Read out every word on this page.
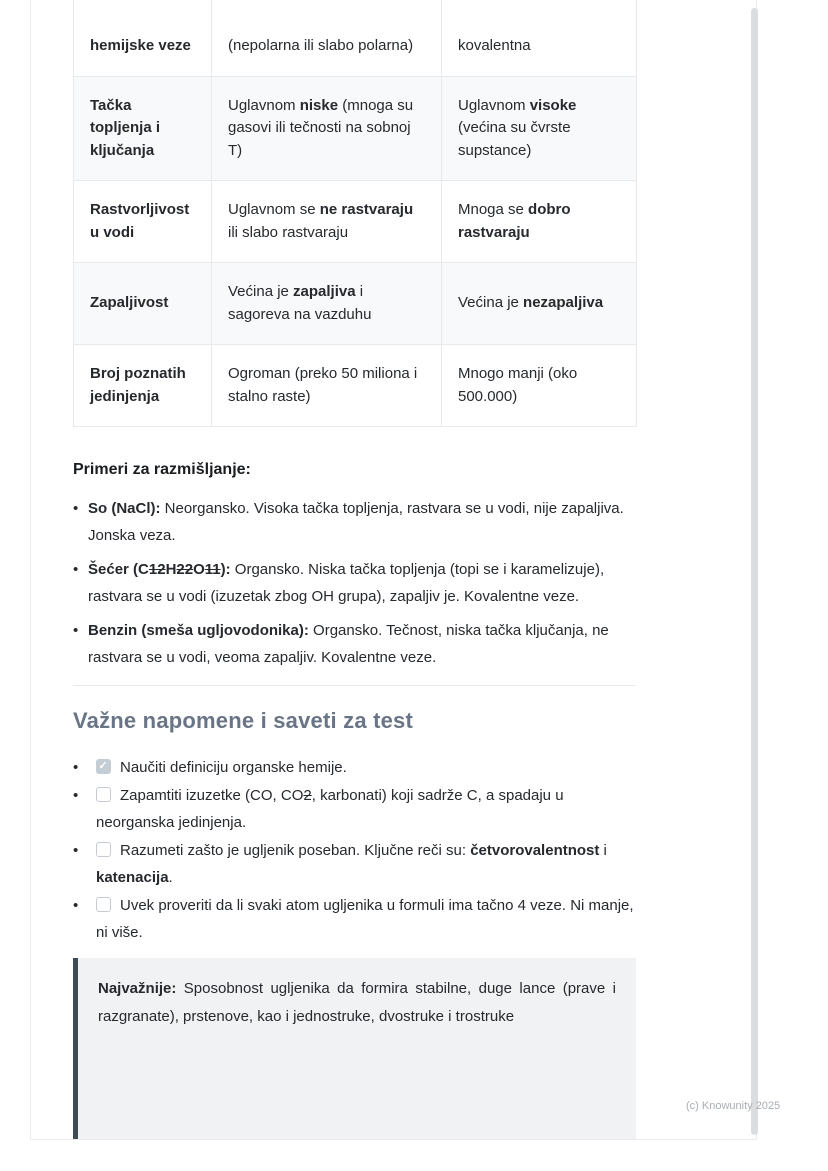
hemijske veze	(nepolarna ili slabo polarna)	kovalentna
Tačka topljenja i ključanja	Uglavnom niske (mnoga su gasovi ili tečnosti na sobnoj T)	Uglavnom visoke (većina su čvrste supstance)
Rastvorljivost u vodi	Uglavnom se ne rastvaraju ili slabo rastvaraju	Mnoga se dobro rastvaraju
Zapaljivost	Većina je zapaljiva i sagoreva na vazduhu	Većina je nezapaljiva
Broj poznatih jedinjenja	Ogroman (preko 50 miliona i stalno raste)	Mnogo manji (oko 500.000)
Primeri za razmišljanje:
• So (NaCl): Neorgansko. Visoka tačka topljenja, rastvara se u vodi, nije zapaljiva. Jonska veza.
• Šećer (C12H22O11): Organsko. Niska tačka topljenja (topi se i karamelizuje), rastvara se u vodi (izuzetak zbog OH grupa), zapaljiv je. Kovalentne veze.
• Benzin (smeša ugljovodonika): Organsko. Tečnost, niska tačka ključanja, ne rastvara se u vodi, veoma zapaljiv. Kovalentne veze.
Važne napomene i saveti za test
✓• Naučiti definiciju organske hemije.
• Zapamtiti izuzetke (CO, CO2, karbonati) koji sadrže C, a spadaju u neorganska jedinjenja.
• Razumeti zašto je ugljenik poseban. Ključne reči su: četvorovalentnost i katenacija.
• Uvek proveriti da li svaki atom ugljenika u formuli ima tačno 4 veze. Ni manje, ni više.
Najvažnije: Sposobnost ugljenika da formira stabilne, duge lance (prave i razgranate), prstenove, kao i jednostruke, dvostruke i trostruke
(c) Knowunity 2025
